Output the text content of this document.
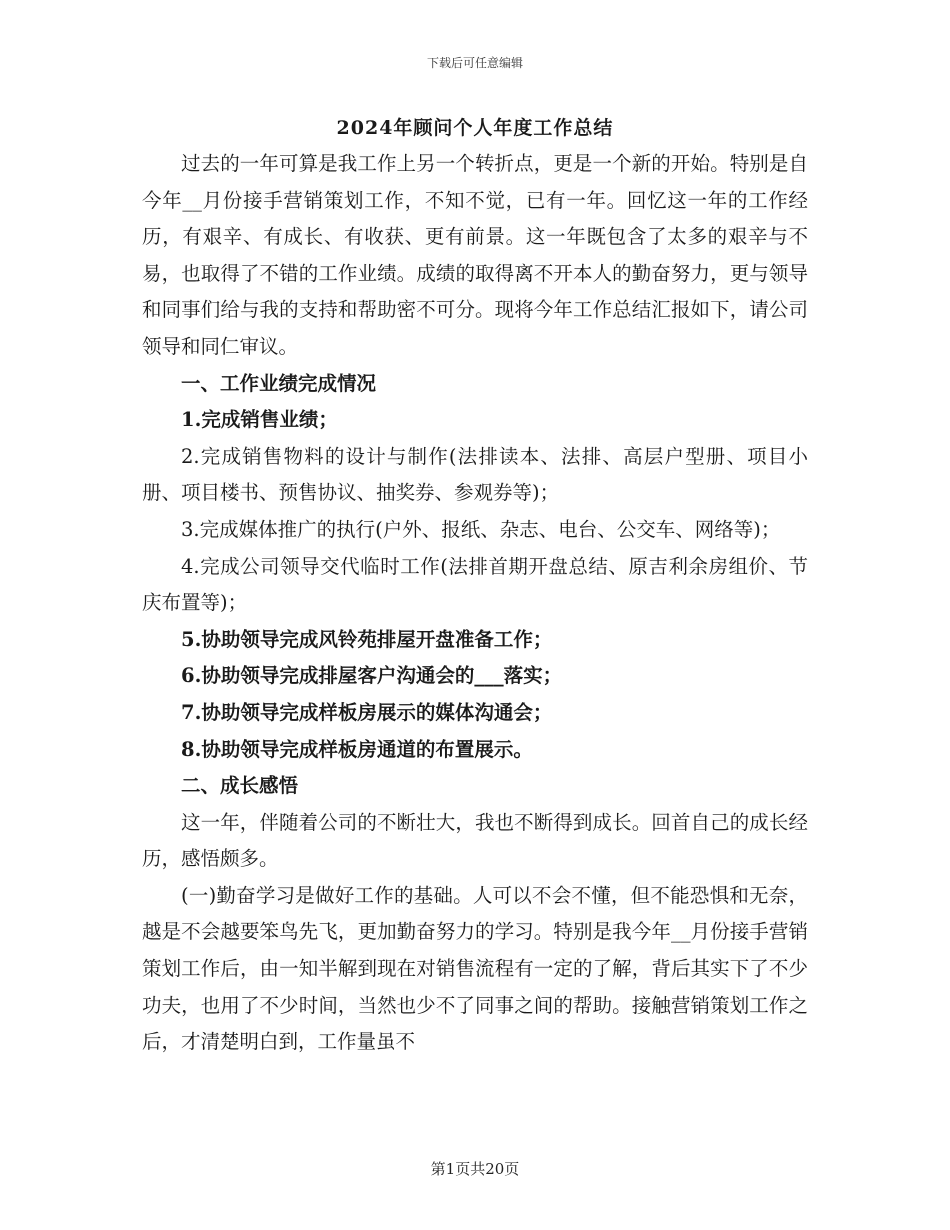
下载后可任意编辑
2024年顾问个人年度工作总结

过去的一年可算是我工作上另一个转折点，更是一个新的开始。特别是自今年__月份接手营销策划工作，不知不觉，已有一年。回忆这一年的工作经历，有艰辛、有成长、有收获、更有前景。这一年既包含了太多的艰辛与不易，也取得了不错的工作业绩。成绩的取得离不开本人的勤奋努力，更与领导和同事们给与我的支持和帮助密不可分。现将今年工作总结汇报如下，请公司领导和同仁审议。

一、工作业绩完成情况

1.完成销售业绩；

2.完成销售物料的设计与制作(法排读本、法排、高层户型册、项目小册、项目楼书、预售协议、抽奖券、参观券等)；

3.完成媒体推广的执行(户外、报纸、杂志、电台、公交车、网络等)；

4.完成公司领导交代临时工作(法排首期开盘总结、原吉利余房组价、节庆布置等)；

5.协助领导完成风铃苑排屋开盘准备工作；

6.协助领导完成排屋客户沟通会的___落实；

7.协助领导完成样板房展示的媒体沟通会；

8.协助领导完成样板房通道的布置展示。

二、成长感悟

这一年，伴随着公司的不断壮大，我也不断得到成长。回首自己的成长经历，感悟颇多。

(一)勤奋学习是做好工作的基础。人可以不会不懂，但不能恐惧和无奈，越是不会越要笨鸟先飞，更加勤奋努力的学习。特别是我今年__月份接手营销策划工作后，由一知半解到现在对销售流程有一定的了解，背后其实下了不少功夫，也用了不少时间，当然也少不了同事之间的帮助。接触营销策划工作之后，才清楚明白到，工作量虽不

第1页共20页
